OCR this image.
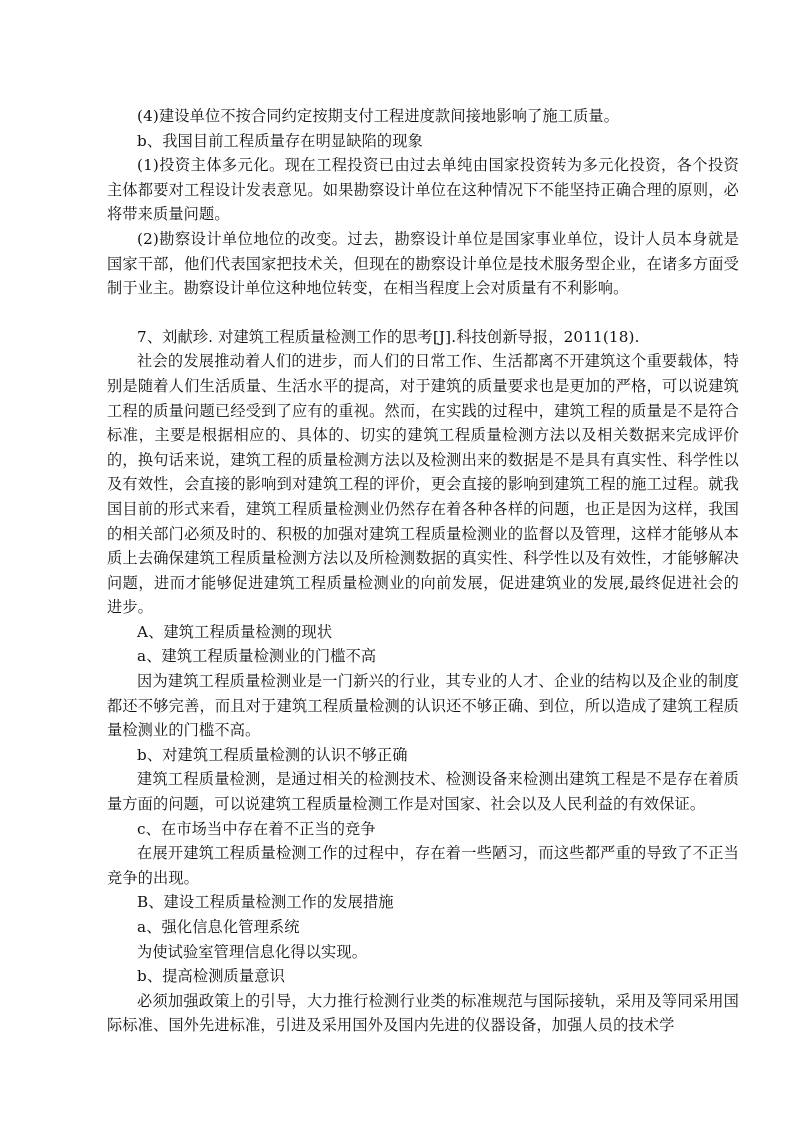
(4)建设单位不按合同约定按期支付工程进度款间接地影响了施工质量。

b、我国目前工程质量存在明显缺陷的现象

(1)投资主体多元化。现在工程投资已由过去单纯由国家投资转为多元化投资，各个投资主体都要对工程设计发表意见。如果勘察设计单位在这种情况下不能坚持正确合理的原则，必将带来质量问题。

(2)勘察设计单位地位的改变。过去，勘察设计单位是国家事业单位，设计人员本身就是国家干部，他们代表国家把技术关，但现在的勘察设计单位是技术服务型企业，在诸多方面受制于业主。勘察设计单位这种地位转变，在相当程度上会对质量有不利影响。

7、刘献珍. 对建筑工程质量检测工作的思考[J].科技创新导报，2011(18).

社会的发展推动着人们的进步，而人们的日常工作、生活都离不开建筑这个重要载体，特别是随着人们生活质量、生活水平的提高，对于建筑的质量要求也是更加的严格，可以说建筑工程的质量问题已经受到了应有的重视。然而，在实践的过程中，建筑工程的质量是不是符合标准，主要是根据相应的、具体的、切实的建筑工程质量检测方法以及相关数据来完成评价的，换句话来说，建筑工程的质量检测方法以及检测出来的数据是不是具有真实性、科学性以及有效性，会直接的影响到对建筑工程的评价，更会直接的影响到建筑工程的施工过程。就我国目前的形式来看，建筑工程质量检测业仍然存在着各种各样的问题，也正是因为这样，我国的相关部门必须及时的、积极的加强对建筑工程质量检测业的监督以及管理，这样才能够从本质上去确保建筑工程质量检测方法以及所检测数据的真实性、科学性以及有效性，才能够解决问题，进而才能够促进建筑工程质量检测业的向前发展，促进建筑业的发展,最终促进社会的进步。

A、建筑工程质量检测的现状

a、建筑工程质量检测业的门槛不高

因为建筑工程质量检测业是一门新兴的行业，其专业的人才、企业的结构以及企业的制度都还不够完善，而且对于建筑工程质量检测的认识还不够正确、到位，所以造成了建筑工程质量检测业的门槛不高。

b、对建筑工程质量检测的认识不够正确

建筑工程质量检测，是通过相关的检测技术、检测设备来检测出建筑工程是不是存在着质量方面的问题，可以说建筑工程质量检测工作是对国家、社会以及人民利益的有效保证。

c、在市场当中存在着不正当的竞争

在展开建筑工程质量检测工作的过程中，存在着一些陋习，而这些都严重的导致了不正当竞争的出现。

B、建设工程质量检测工作的发展措施

a、强化信息化管理系统

为使试验室管理信息化得以实现。

b、提高检测质量意识

必须加强政策上的引导，大力推行检测行业类的标准规范与国际接轨，采用及等同采用国际标准、国外先进标准，引进及采用国外及国内先进的仪器设备，加强人员的技术学
